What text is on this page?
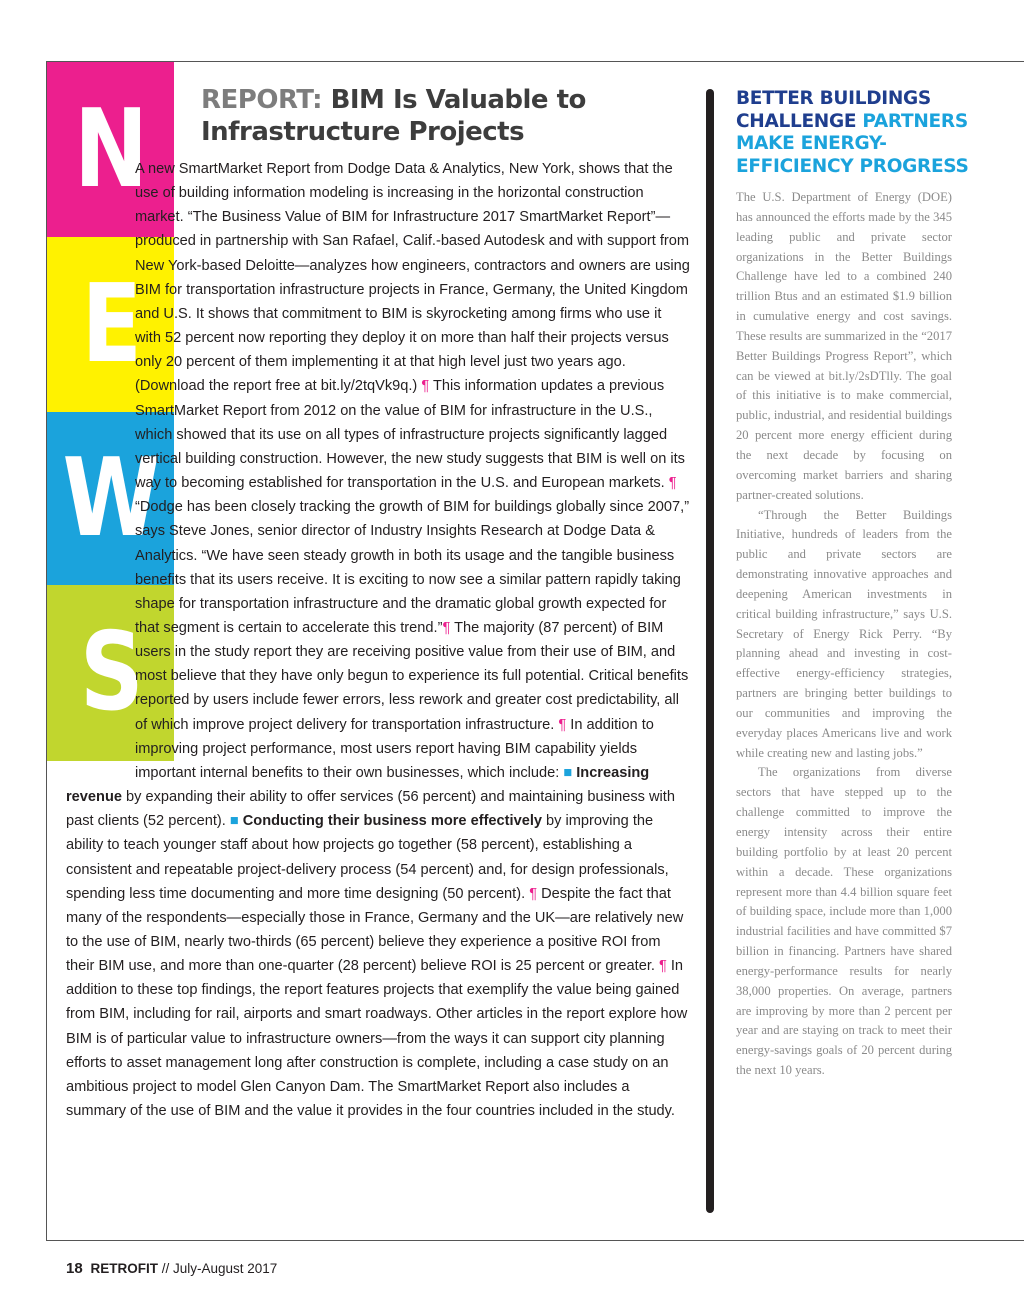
N
E
W
S
REPORT: BIM Is Valuable to Infrastructure Projects

A new SmartMarket Report from Dodge Data & Analytics, New York, shows that the use of building information modeling is increasing in the horizontal construction market. “The Business Value of BIM for Infrastructure 2017 SmartMarket Report”—produced in partnership with San Rafael, Calif.-based Autodesk and with support from New York-based Deloitte—analyzes how engineers, contractors and owners are using BIM for transportation infrastructure projects in France, Germany, the United Kingdom and U.S. It shows that commitment to BIM is skyrocketing among firms who use it with 52 percent now reporting they deploy it on more than half their projects versus only 20 percent of them implementing it at that high level just two years ago. (Download the report free at bit.ly/2tqVk9q.) ¶ This information updates a previous SmartMarket Report from 2012 on the value of BIM for infrastructure in the U.S., which showed that its use on all types of infrastructure projects significantly lagged vertical building construction. However, the new study suggests that BIM is well on its way to becoming established for transportation in the U.S. and European markets. ¶ “Dodge has been closely tracking the growth of BIM for buildings globally since 2007,” says Steve Jones, senior director of Industry Insights Research at Dodge Data & Analytics. “We have seen steady growth in both its usage and the tangible business benefits that its users receive. It is exciting to now see a similar pattern rapidly taking shape for transportation infrastructure and the dramatic global growth expected for that segment is certain to accelerate this trend.”¶ The majority (87 percent) of BIM users in the study report they are receiving positive value from their use of BIM, and most believe that they have only begun to experience its full potential. Critical benefits reported by users include fewer errors, less rework and greater cost predictability, all of which improve project delivery for transportation infrastructure. ¶ In addition to improving project performance, most users report having BIM capability yields important internal benefits to their own businesses, which include: ■ Increasing revenue by expanding their ability to offer services (56 percent) and maintaining business with past clients (52 percent). ■ Conducting their business more effectively by improving the ability to teach younger staff about how projects go together (58 percent), establishing a consistent and repeatable project-delivery process (54 percent) and, for design professionals, spending less time documenting and more time designing (50 percent). ¶ Despite the fact that many of the respondents—especially those in France, Germany and the UK—are relatively new to the use of BIM, nearly two-thirds (65 percent) believe they experience a positive ROI from their BIM use, and more than one-quarter (28 percent) believe ROI is 25 percent or greater. ¶ In addition to these top findings, the report features projects that exemplify the value being gained from BIM, including for rail, airports and smart roadways. Other articles in the report explore how BIM is of particular value to infrastructure owners—from the ways it can support city planning efforts to asset management long after construction is complete, including a case study on an ambitious project to model Glen Canyon Dam. The SmartMarket Report also includes a summary of the use of BIM and the value it provides in the four countries included in the study.

BETTER BUILDINGS CHALLENGE PARTNERS MAKE ENERGY-EFFICIENCY PROGRESS

The U.S. Department of Energy (DOE) has announced the efforts made by the 345 leading public and private sector organizations in the Better Buildings Challenge have led to a combined 240 trillion Btus and an estimated $1.9 billion in cumulative energy and cost savings. These results are summarized in the “2017 Better Buildings Progress Report”, which can be viewed at bit.ly/2sDTlly. The goal of this initiative is to make commercial, public, industrial, and residential buildings 20 percent more energy efficient during the next decade by focusing on overcoming market barriers and sharing partner-created solutions.

“Through the Better Buildings Initiative, hundreds of leaders from the public and private sectors are demonstrating innovative approaches and deepening American investments in critical building infrastructure,” says U.S. Secretary of Energy Rick Perry. “By planning ahead and investing in cost-effective energy-efficiency strategies, partners are bringing better buildings to our communities and improving the everyday places Americans live and work while creating new and lasting jobs.”

The organizations from diverse sectors that have stepped up to the challenge committed to improve the energy intensity across their entire building portfolio by at least 20 percent within a decade. These organizations represent more than 4.4 billion square feet of building space, include more than 1,000 industrial facilities and have committed $7 billion in financing. Partners have shared energy-performance results for nearly 38,000 properties. On average, partners are improving by more than 2 percent per year and are staying on track to meet their energy-savings goals of 20 percent during the next 10 years.

18 RETROFIT // July-August 2017
